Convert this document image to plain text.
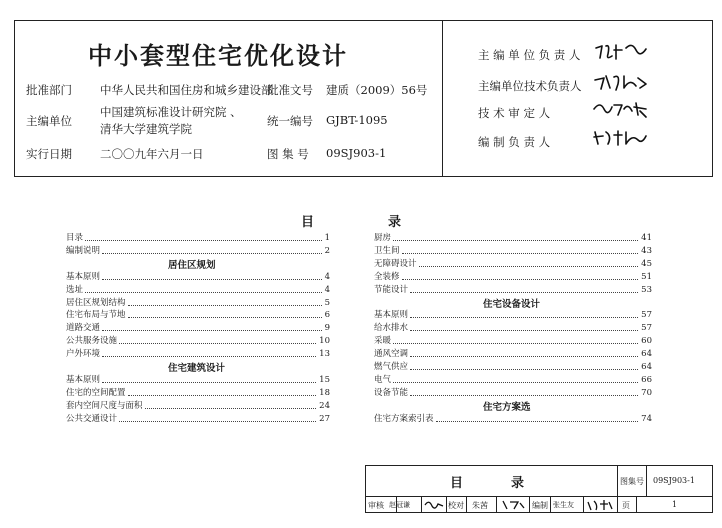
中小套型住宅优化设计
批准部门 中华人民共和国住房和城乡建设部
批准文号 建质（2009）56号
主编单位
中国建筑标准设计研究院 、
清华大学建筑学院
统一编号 GJBT-1095
实行日期 二〇〇九年六月一日	图 集 号 09SJ903-1
主 编 单 位 负 责 人
主编单位技术负责人
技 术 审 定 人
编 制 负 责 人
目	录
目录	1
编制说明	2
居住区规划
基本原则	4
选址	4
居住区规划结构	5
住宅布局与节地	6
道路交通	9
公共服务设施	10
户外环境	13
住宅建筑设计
基本原则	15
住宅的空间配置	18
套内空间尺度与面积	24
公共交通设计	27
厨房	41
卫生间	43
无障碍设计	45
全装修	51
节能设计	53
住宅设备设计
基本原则	57
给水排水	57
采暖	60
通风空调	64
燃气供应	64
电气	66
设备节能	70
住宅方案选
住宅方案索引表	74
目	录	图集号 09SJ903-1
审核 赵冠谦	校对 朱茜	编制 张生友	页	1
